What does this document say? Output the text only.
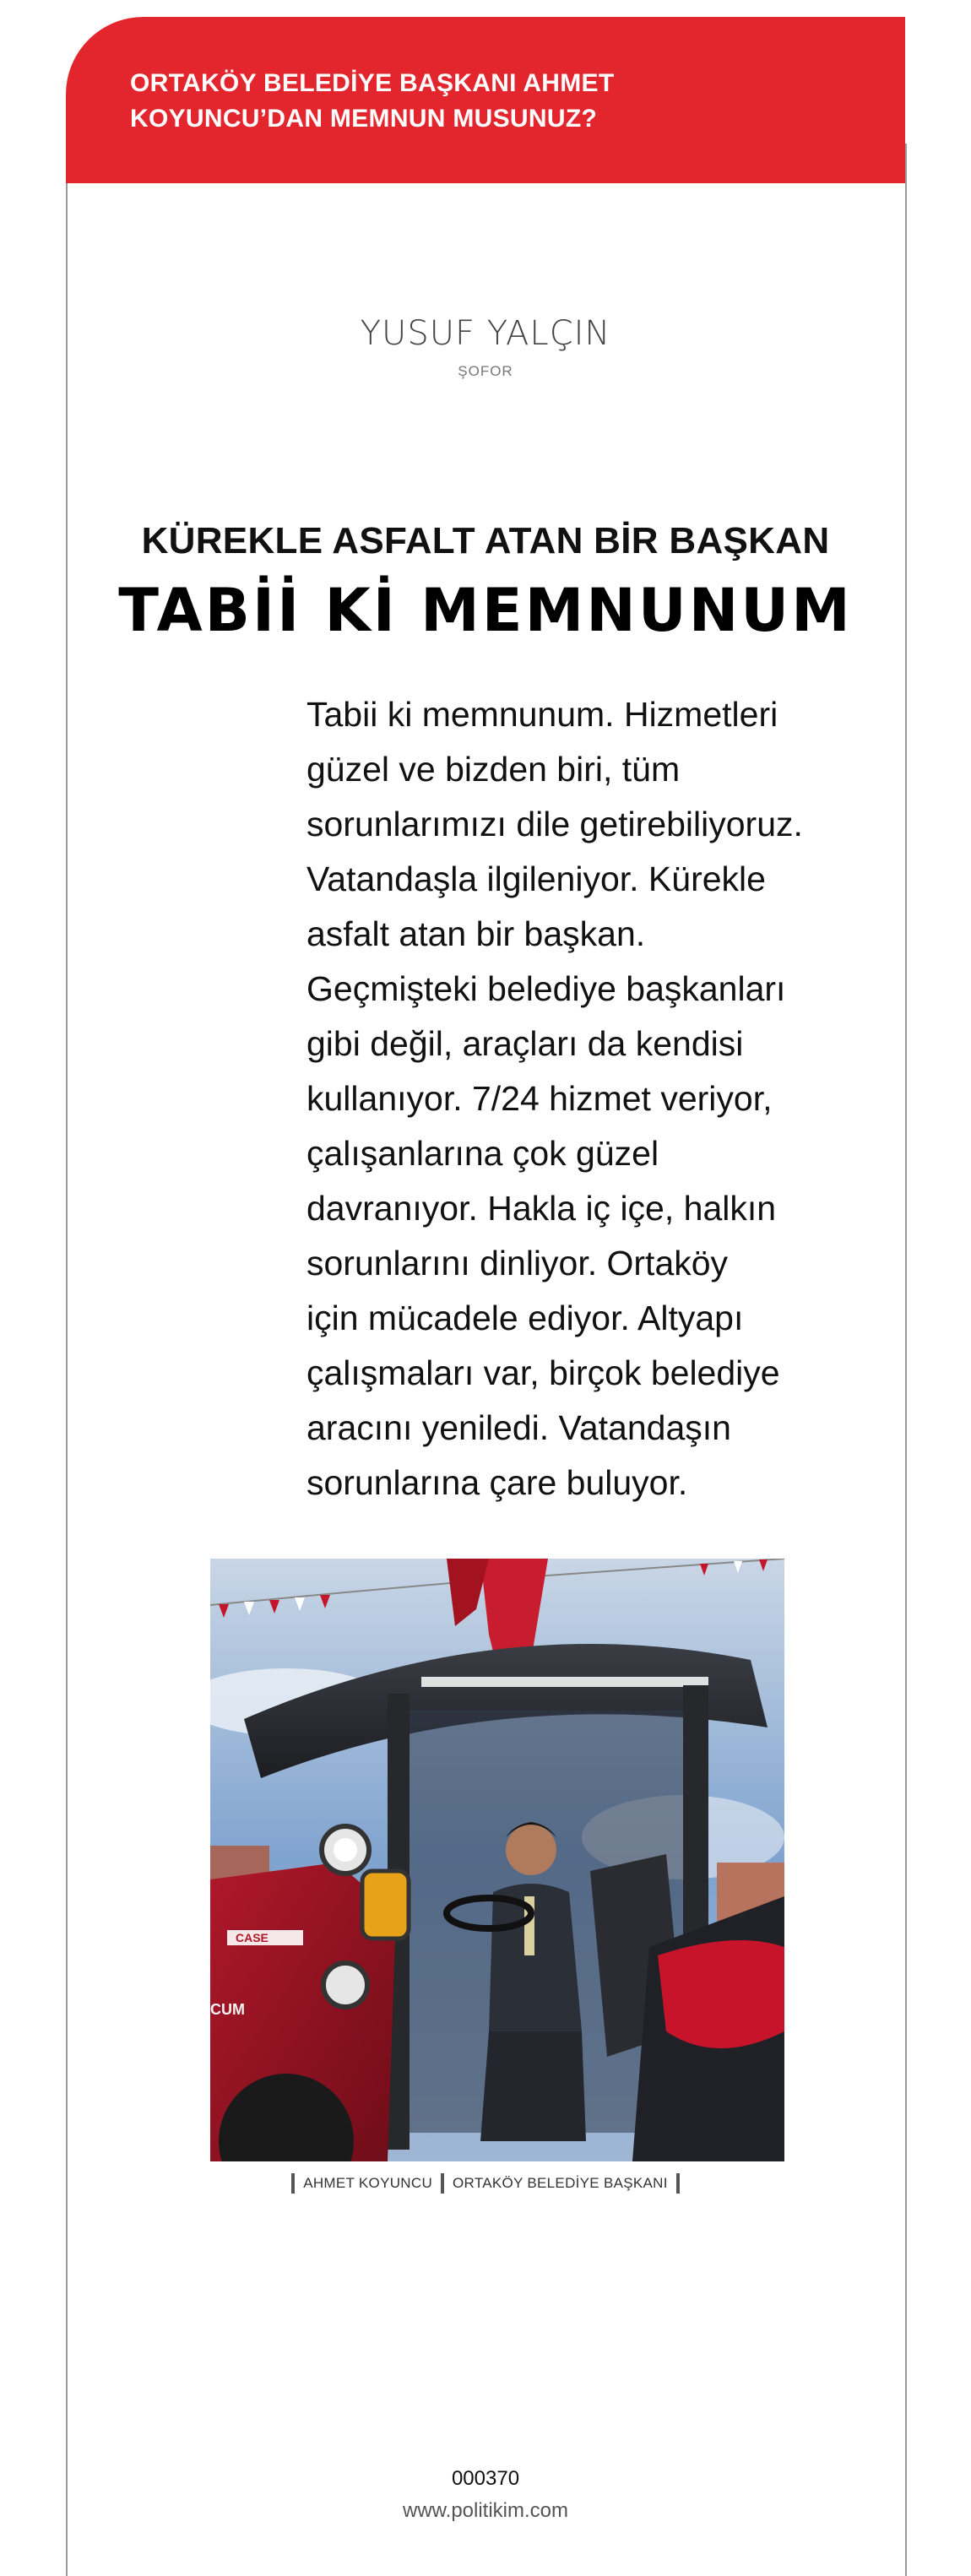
ORTAKÖY BELEDİYE BAŞKANI AHMET
KOYUNCU’DAN MEMNUN MUSUNUZ?
YUSUF YALÇIN
ŞOFOR
KÜREKLE ASFALT ATAN BİR BAŞKAN
TABİİ Kİ MEMNUNUM
Tabii ki memnunum. Hizmetleri
güzel ve bizden biri, tüm
sorunlarımızı dile getirebiliyoruz.
Vatandaşla ilgileniyor. Kürekle
asfalt atan bir başkan.
Geçmişteki belediye başkanları
gibi değil, araçları da kendisi
kullanıyor. 7/24 hizmet veriyor,
çalışanlarına çok güzel
davranıyor. Hakla iç içe, halkın
sorunlarını dinliyor. Ortaköy
için mücadele ediyor. Altyapı
çalışmaları var, birçok belediye
aracını yeniledi. Vatandaşın
sorunlarına çare buluyor.
CASE
CUM
AHMET KOYUNCU ORTAKÖY BELEDİYE BAŞKANI
000370
www.politikim.com
